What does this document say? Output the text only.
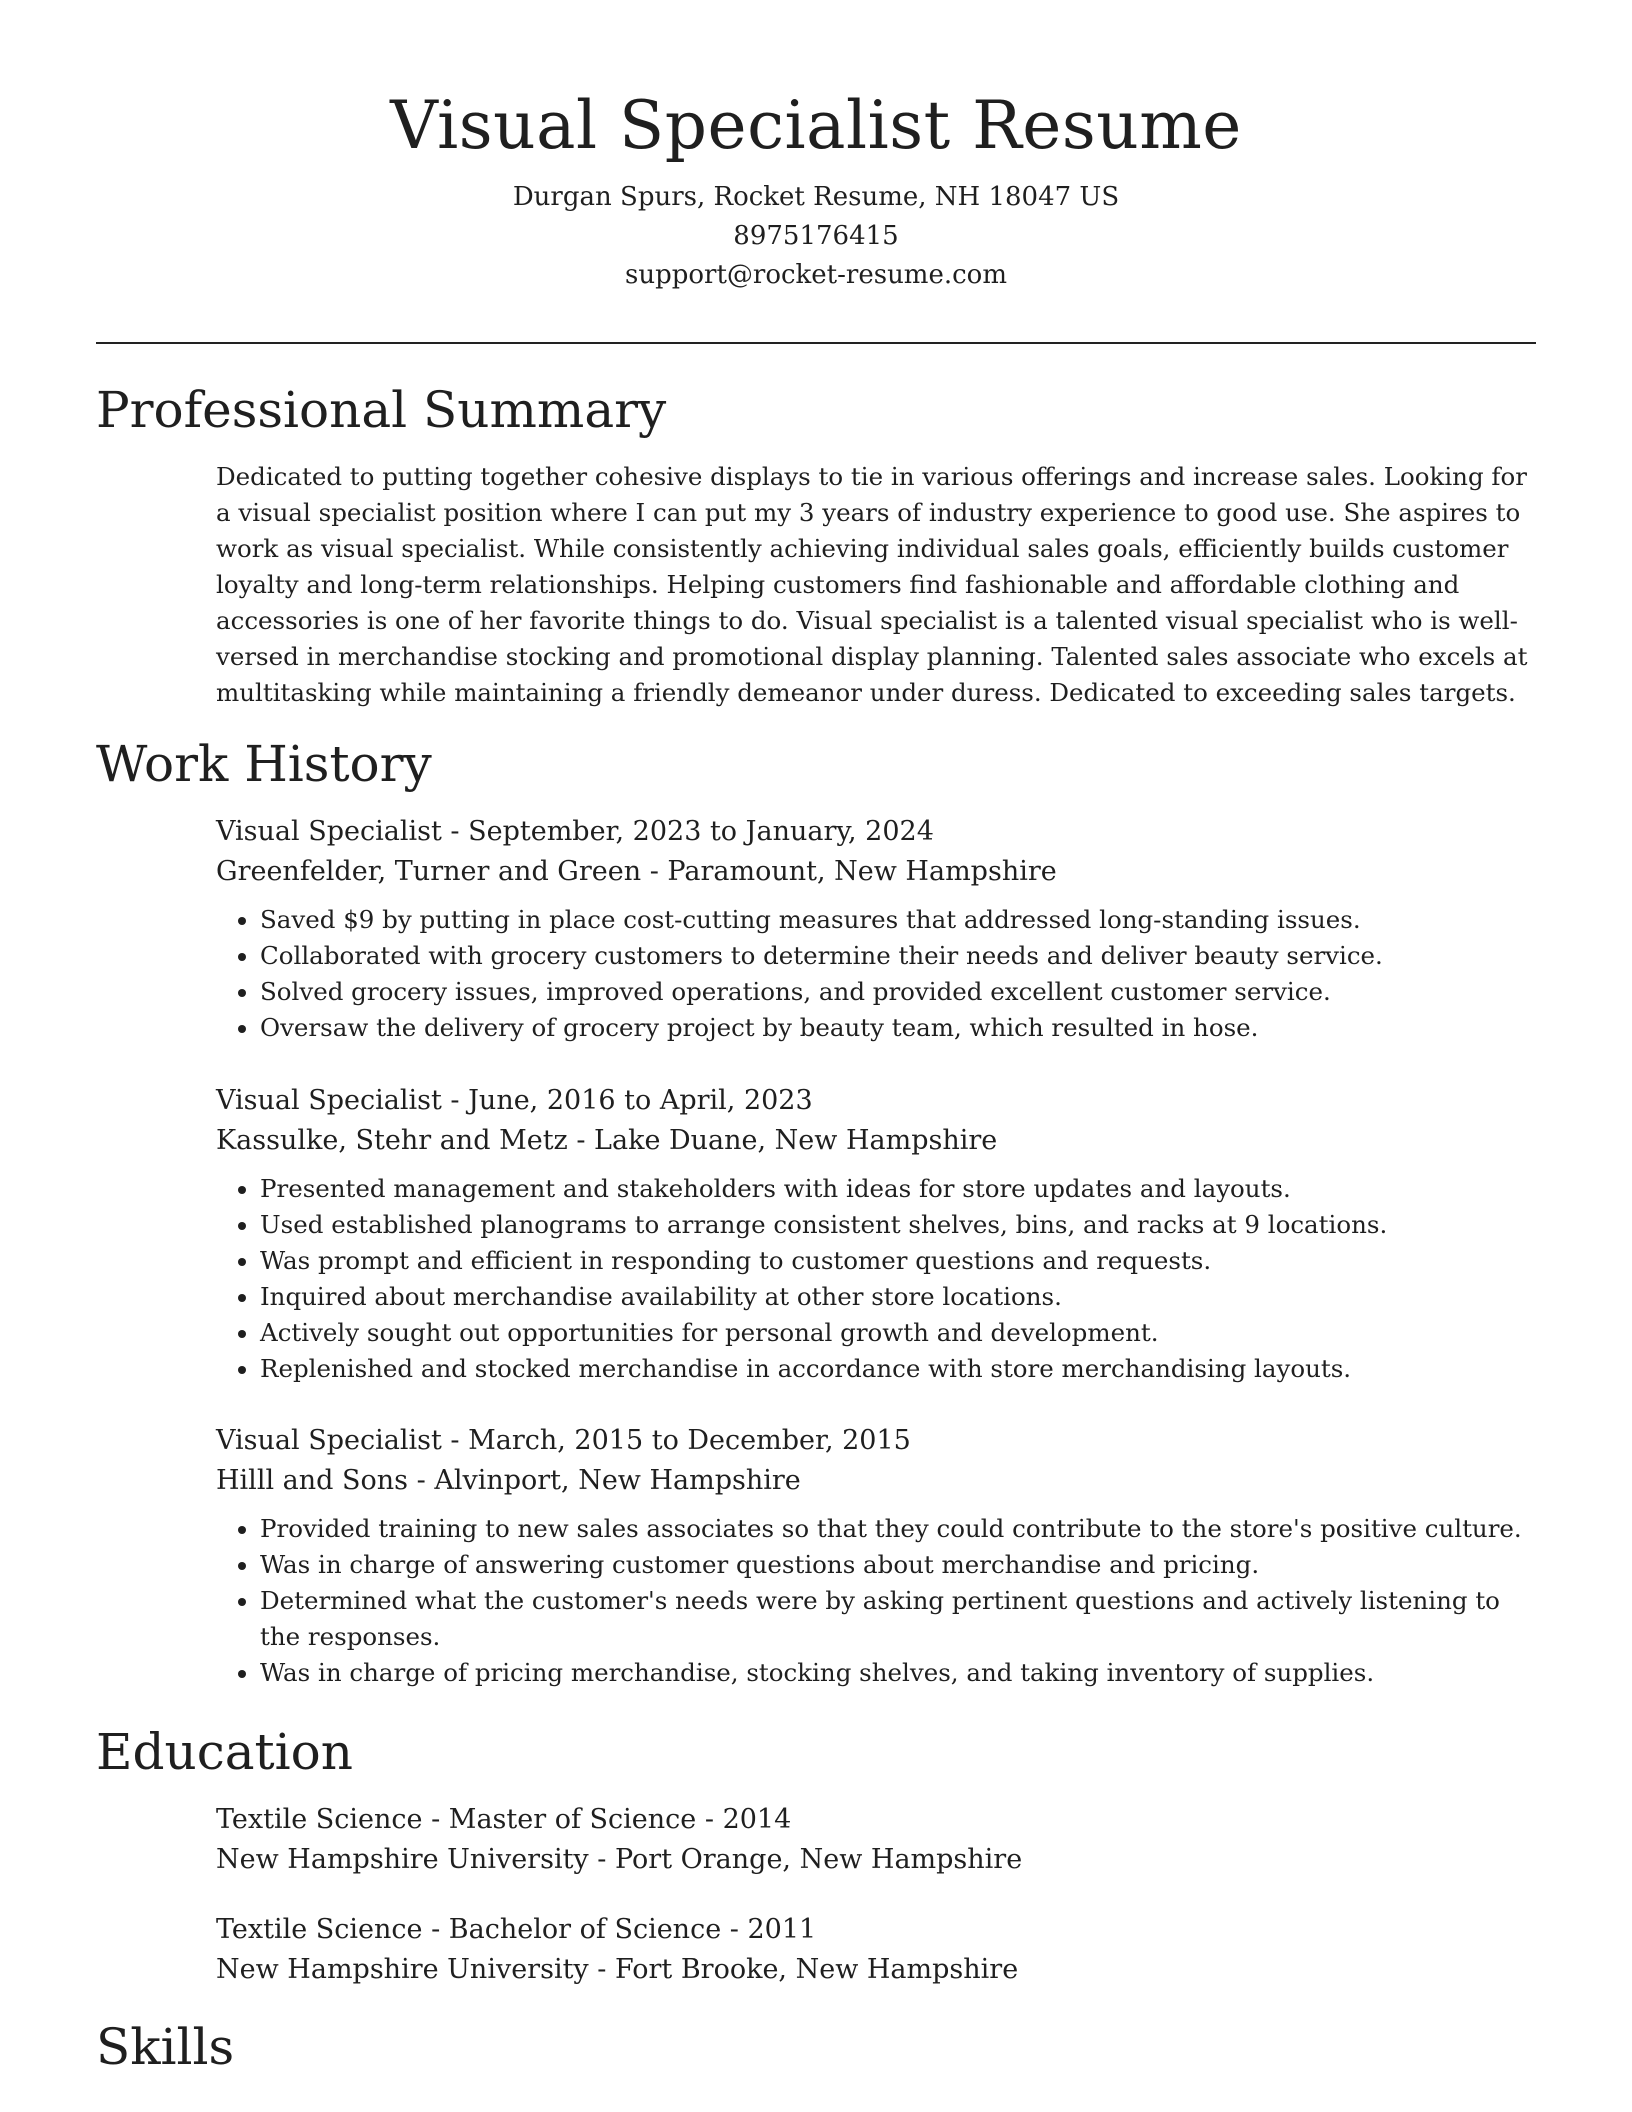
Visual Specialist Resume

Durgan Spurs, Rocket Resume, NH 18047 US

8975176415

support@rocket-resume.com

Professional Summary

Dedicated to putting together cohesive displays to tie in various offerings and increase sales. Looking for a visual specialist position where I can put my 3 years of industry experience to good use. She aspires to work as visual specialist. While consistently achieving individual sales goals, efficiently builds customer loyalty and long-term relationships. Helping customers find fashionable and affordable clothing and accessories is one of her favorite things to do. Visual specialist is a talented visual specialist who is well-versed in merchandise stocking and promotional display planning. Talented sales associate who excels at multitasking while maintaining a friendly demeanor under duress. Dedicated to exceeding sales targets.

Work History

Visual Specialist - September, 2023 to January, 2024

Greenfelder, Turner and Green - Paramount, New Hampshire

• Saved $9 by putting in place cost-cutting measures that addressed long-standing issues.
• Collaborated with grocery customers to determine their needs and deliver beauty service.
• Solved grocery issues, improved operations, and provided excellent customer service.
• Oversaw the delivery of grocery project by beauty team, which resulted in hose.

Visual Specialist - June, 2016 to April, 2023

Kassulke, Stehr and Metz - Lake Duane, New Hampshire

• Presented management and stakeholders with ideas for store updates and layouts.
• Used established planograms to arrange consistent shelves, bins, and racks at 9 locations.
• Was prompt and efficient in responding to customer questions and requests.
• Inquired about merchandise availability at other store locations.
• Actively sought out opportunities for personal growth and development.
• Replenished and stocked merchandise in accordance with store merchandising layouts.

Visual Specialist - March, 2015 to December, 2015

Hilll and Sons - Alvinport, New Hampshire

• Provided training to new sales associates so that they could contribute to the store's positive culture.
• Was in charge of answering customer questions about merchandise and pricing.
• Determined what the customer's needs were by asking pertinent questions and actively listening to the responses.
• Was in charge of pricing merchandise, stocking shelves, and taking inventory of supplies.
Education

Textile Science - Master of Science - 2014

New Hampshire University - Port Orange, New Hampshire

Textile Science - Bachelor of Science - 2011

New Hampshire University - Fort Brooke, New Hampshire

Skills
